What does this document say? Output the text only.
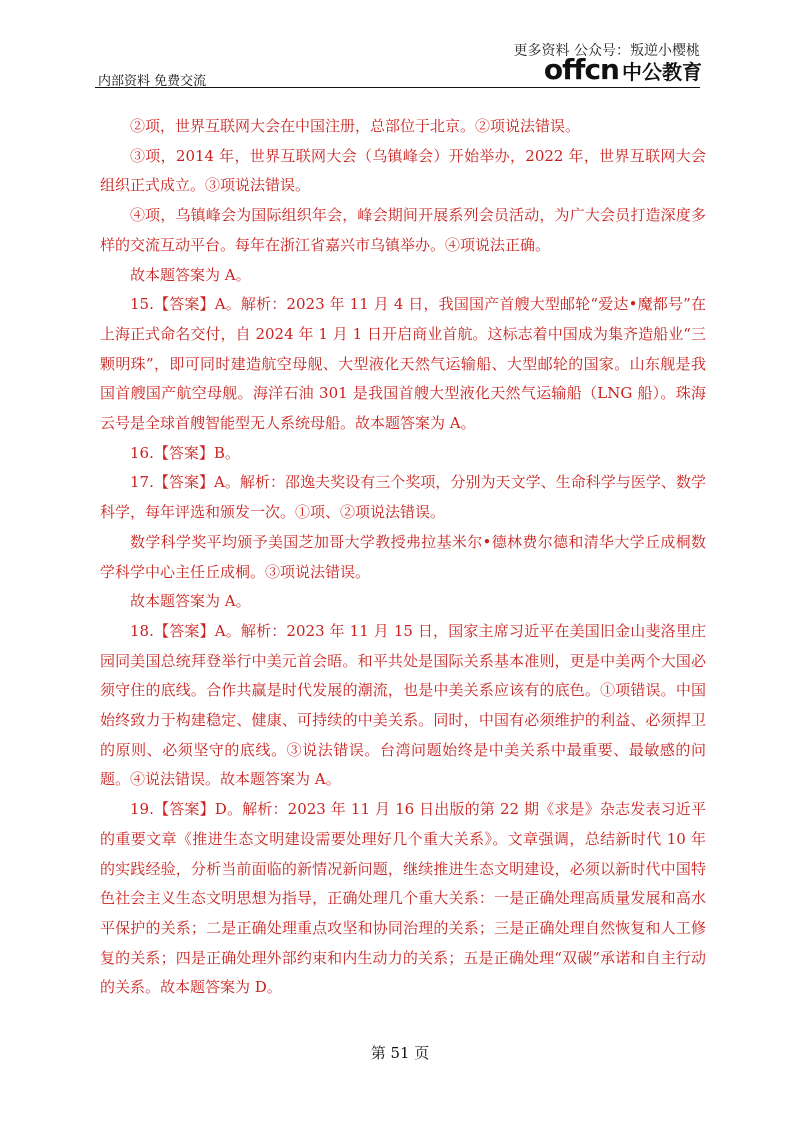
更多资料 公众号：叛逆小樱桃
内部资料 免费交流	offcn 中公教育

②项，世界互联网大会在中国注册，总部位于北京。②项说法错误。

③项，2014 年，世界互联网大会（乌镇峰会）开始举办，2022 年，世界互联网大会组织正式成立。③项说法错误。

④项，乌镇峰会为国际组织年会，峰会期间开展系列会员活动，为广大会员打造深度多样的交流互动平台。每年在浙江省嘉兴市乌镇举办。④项说法正确。

故本题答案为 A。

15.【答案】A。解析：2023 年 11 月 4 日，我国国产首艘大型邮轮“爱达•魔都号”在上海正式命名交付，自 2024 年 1 月 1 日开启商业首航。这标志着中国成为集齐造船业“三颗明珠”，即可同时建造航空母舰、大型液化天然气运输船、大型邮轮的国家。山东舰是我国首艘国产航空母舰。海洋石油 301 是我国首艘大型液化天然气运输船（LNG 船）。珠海云号是全球首艘智能型无人系统母船。故本题答案为 A。

16.【答案】B。

17.【答案】A。解析：邵逸夫奖设有三个奖项，分别为天文学、生命科学与医学、数学科学，每年评选和颁发一次。①项、②项说法错误。

数学科学奖平均颁予美国芝加哥大学教授弗拉基米尔•德林费尔德和清华大学丘成桐数学科学中心主任丘成桐。③项说法错误。

故本题答案为 A。

18.【答案】A。解析：2023 年 11 月 15 日，国家主席习近平在美国旧金山斐洛里庄园同美国总统拜登举行中美元首会晤。和平共处是国际关系基本准则，更是中美两个大国必须守住的底线。合作共赢是时代发展的潮流，也是中美关系应该有的底色。①项错误。中国始终致力于构建稳定、健康、可持续的中美关系。同时，中国有必须维护的利益、必须捍卫的原则、必须坚守的底线。③说法错误。台湾问题始终是中美关系中最重要、最敏感的问题。④说法错误。故本题答案为 A。

19.【答案】D。解析：2023 年 11 月 16 日出版的第 22 期《求是》杂志发表习近平的重要文章《推进生态文明建设需要处理好几个重大关系》。文章强调，总结新时代 10 年的实践经验，分析当前面临的新情况新问题，继续推进生态文明建设，必须以新时代中国特色社会主义生态文明思想为指导，正确处理几个重大关系：一是正确处理高质量发展和高水平保护的关系；二是正确处理重点攻坚和协同治理的关系；三是正确处理自然恢复和人工修复的关系；四是正确处理外部约束和内生动力的关系；五是正确处理“双碳”承诺和自主行动的关系。故本题答案为 D。

第 51 页
